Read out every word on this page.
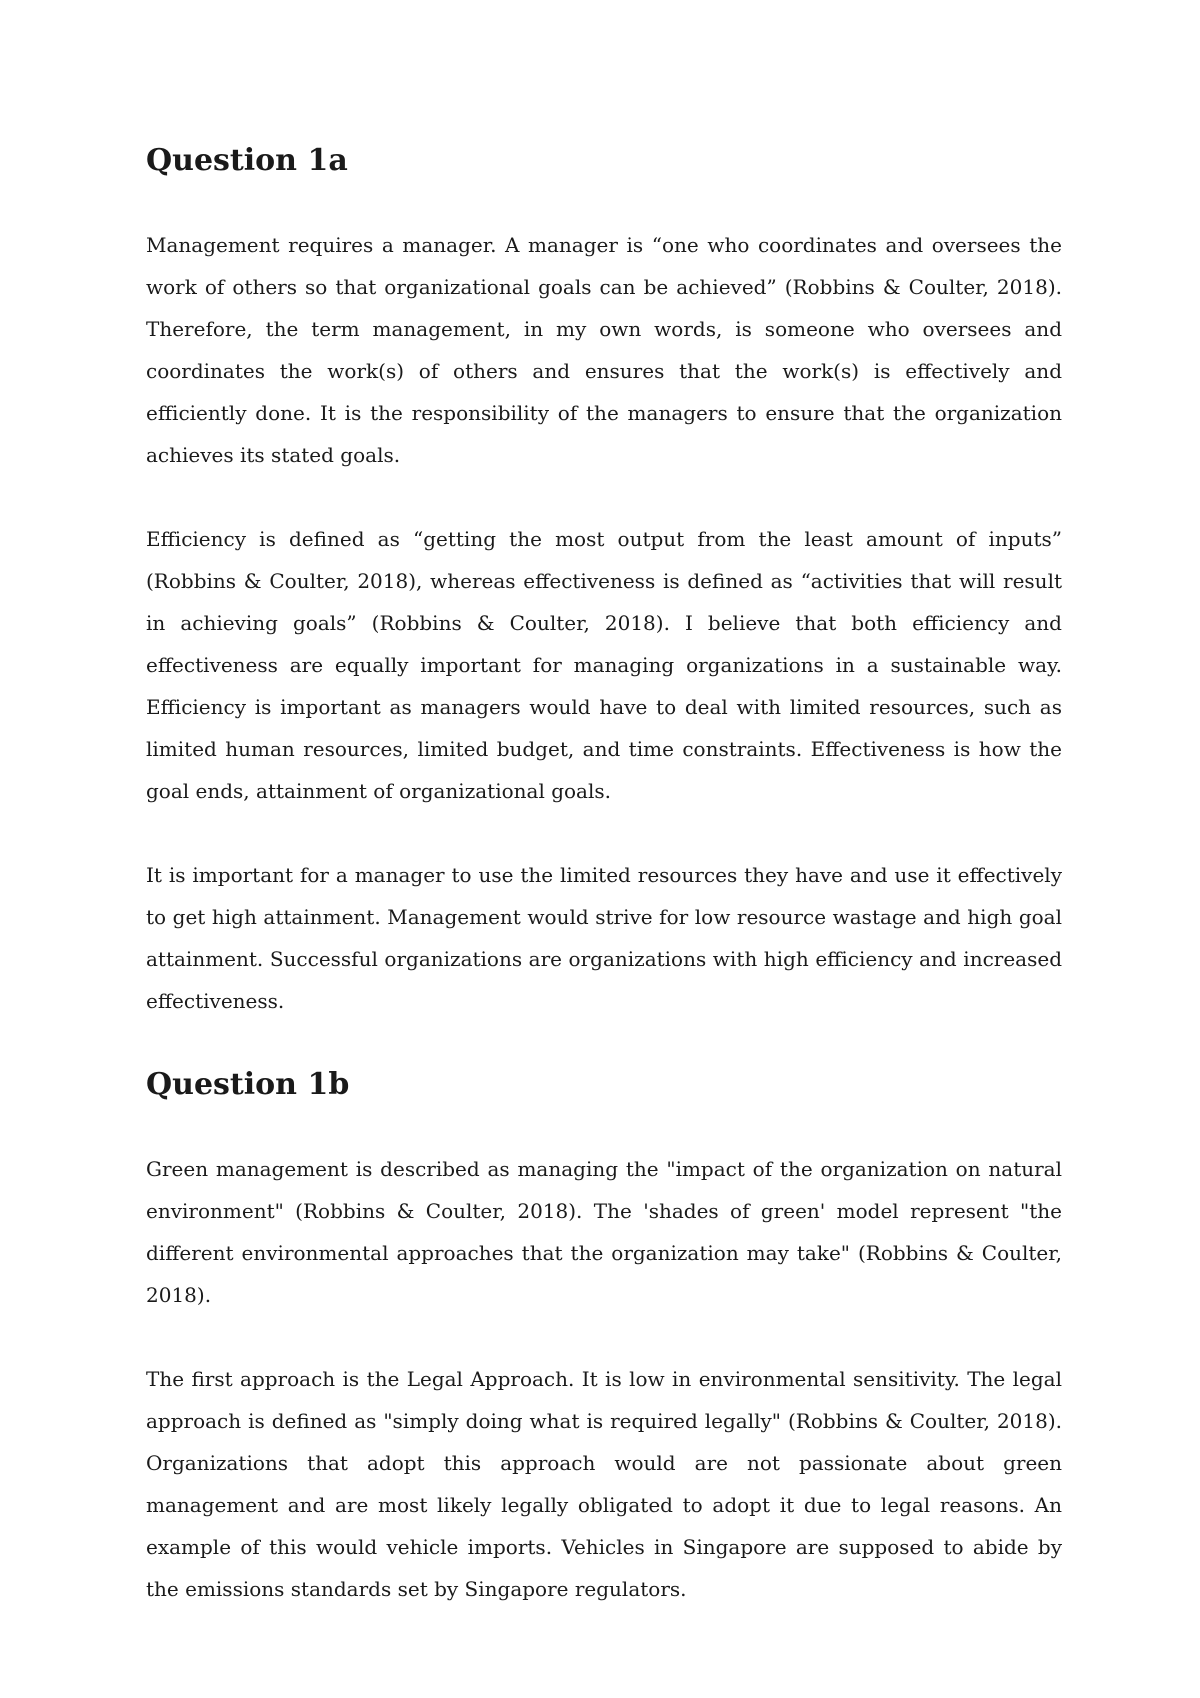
Question 1a

Management requires a manager. A manager is “one who coordinates and oversees the work of others so that organizational goals can be achieved” (Robbins & Coulter, 2018). Therefore, the term management, in my own words, is someone who oversees and coordinates the work(s) of others and ensures that the work(s) is effectively and efficiently done. It is the responsibility of the managers to ensure that the organization achieves its stated goals.

Efficiency is defined as “getting the most output from the least amount of inputs” (Robbins & Coulter, 2018), whereas effectiveness is defined as “activities that will result in achieving goals” (Robbins & Coulter, 2018). I believe that both efficiency and effectiveness are equally important for managing organizations in a sustainable way. Efficiency is important as managers would have to deal with limited resources, such as limited human resources, limited budget, and time constraints. Effectiveness is how the goal ends, attainment of organizational goals.

It is important for a manager to use the limited resources they have and use it effectively to get high attainment. Management would strive for low resource wastage and high goal attainment. Successful organizations are organizations with high efficiency and increased effectiveness.

Question 1b

Green management is described as managing the "impact of the organization on natural environment" (Robbins & Coulter, 2018). The 'shades of green' model represent "the different environmental approaches that the organization may take" (Robbins & Coulter, 2018).

The first approach is the Legal Approach. It is low in environmental sensitivity. The legal approach is defined as "simply doing what is required legally" (Robbins & Coulter, 2018). Organizations that adopt this approach would are not passionate about green management and are most likely legally obligated to adopt it due to legal reasons. An example of this would vehicle imports. Vehicles in Singapore are supposed to abide by the emissions standards set by Singapore regulators.
